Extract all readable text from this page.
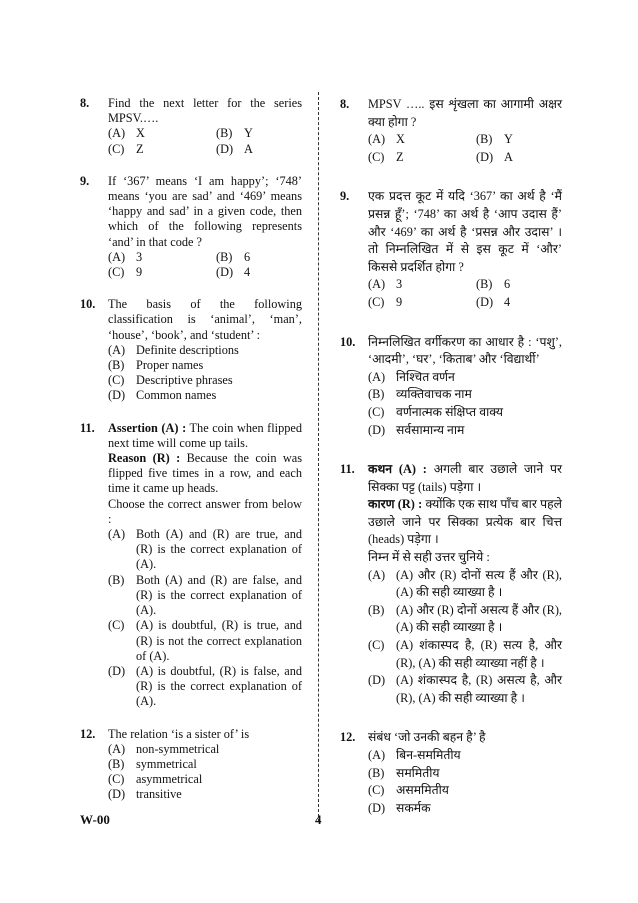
8. Find the next letter for the series MPSV.….
(A) X	(B) Y
(C) Z	(D) A
9. If ‘367’ means ‘I am happy’; ‘748’ means ‘you are sad’ and ‘469’ means ‘happy and sad’ in a given code, then which of the following represents ‘and’ in that code ?
(A) 3	(B) 6
(C) 9	(D) 4
10. The basis of the following classification is ‘animal’, ‘man’, ‘house’, ‘book’, and ‘student’ :
(A) Definite descriptions
(B) Proper names
(C) Descriptive phrases
(D) Common names
11. Assertion (A) : The coin when flipped next time will come up tails.
Reason (R) : Because the coin was flipped five times in a row, and each time it came up heads.
Choose the correct answer from below :
(A) Both (A) and (R) are true, and (R) is the correct explanation of (A).
(B) Both (A) and (R) are false, and (R) is the correct explanation of (A).
(C) (A) is doubtful, (R) is true, and (R) is not the correct explanation of (A).
(D) (A) is doubtful, (R) is false, and (R) is the correct explanation of (A).
12. The relation ‘is a sister of’ is
(A) non-symmetrical
(B) symmetrical
(C) asymmetrical
(D) transitive
8. MPSV ….. इस शृंखला का आगामी अक्षर क्या होगा ?
(A) X	(B) Y
(C) Z	(D) A
9. एक प्रदत्त कूट में यदि ‘367’ का अर्थ है ‘मैं प्रसन्न हूँ’; ‘748’ का अर्थ है ‘आप उदास हैं’ और ‘469’ का अर्थ है ‘प्रसन्न और उदास’ । तो निम्नलिखित में से इस कूट में ‘और’ किससे प्रदर्शित होगा ?
(A) 3	(B) 6
(C) 9	(D) 4
10. निम्नलिखित वर्गीकरण का आधार है : ‘पशु’, ‘आदमी’, ‘घर’, ‘किताब’ और ‘विद्यार्थी’
(A) निश्चित वर्णन
(B) व्यक्तिवाचक नाम
(C) वर्णनात्मक संक्षिप्त वाक्य
(D) सर्वसामान्य नाम
11. कथन (A) : अगली बार उछाले जाने पर सिक्का पट्ट (tails) पड़ेगा ।
कारण (R) : क्योंकि एक साथ पाँच बार पहले उछाले जाने पर सिक्का प्रत्येक बार चित्त (heads) पड़ेगा ।
निम्न में से सही उत्तर चुनिये :
(A) (A) और (R) दोनों सत्य हैं और (R), (A) की सही व्याख्या है ।
(B) (A) और (R) दोनों असत्य हैं और (R), (A) की सही व्याख्या है ।
(C) (A) शंकास्पद है, (R) सत्य है, और (R), (A) की सही व्याख्या नहीं है ।
(D) (A) शंकास्पद है, (R) असत्य है, और (R), (A) की सही व्याख्या है ।
12. संबंध ‘जो उनकी बहन है’ है
(A) बिन-सममितीय
(B) सममितीय
(C) असममितीय
(D) सकर्मक
W-00	4
